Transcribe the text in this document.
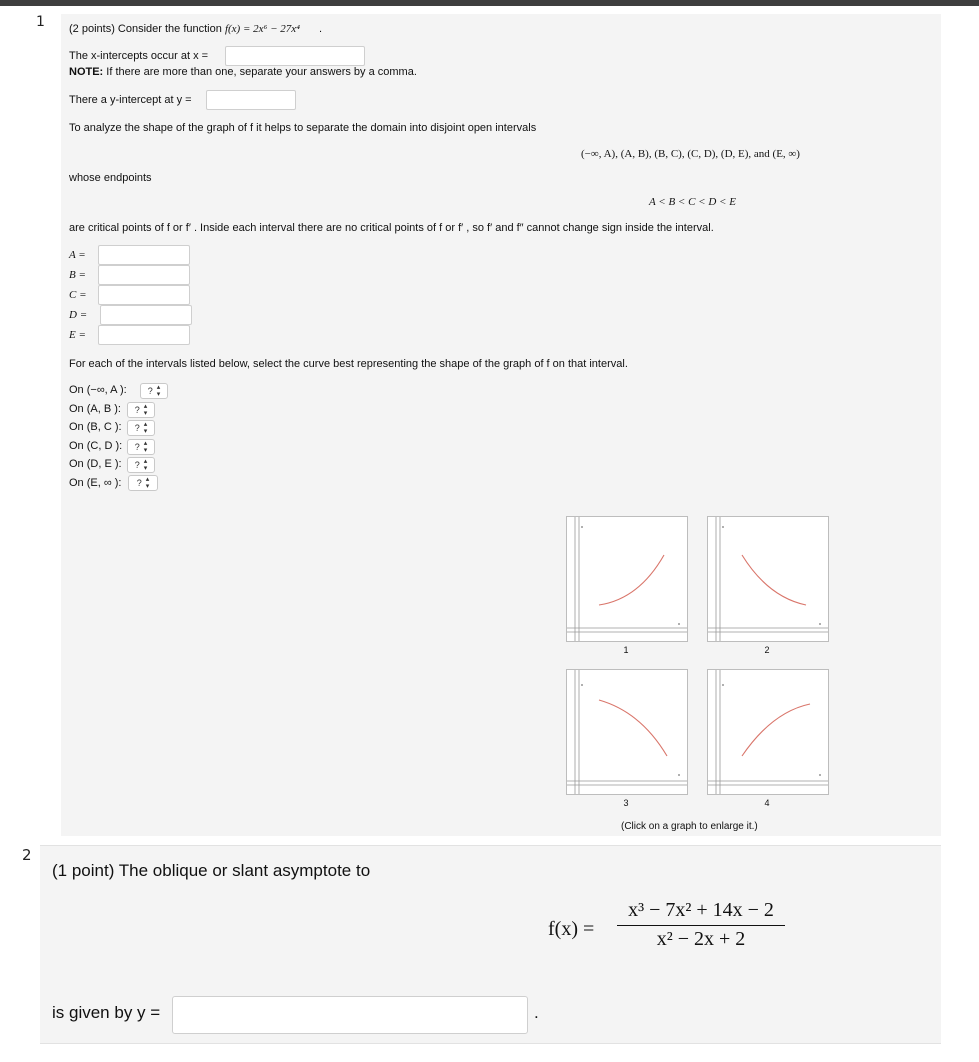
1
2
(2 points) Consider the function f(x) = 2x⁶ − 27x⁴ .
The x-intercepts occur at x =
NOTE: If there are more than one, separate your answers by a comma.
There a y-intercept at y =
To analyze the shape of the graph of f it helps to separate the domain into disjoint open intervals
(−∞, A), (A, B), (B, C), (C, D), (D, E), and (E, ∞)
whose endpoints
A < B < C < D < E
are critical points of f or f′ . Inside each interval there are no critical points of f or f′ , so f′ and f″ cannot change sign inside the interval.
A =
B =
C =
D =
E =
For each of the intervals listed below, select the curve best representing the shape of the graph of f on that interval.
On (−∞, A ): ? ▴
▾
On (A, B ): ? ▴
▾
On (B, C ): ? ▴
▾
On (C, D ): ? ▴
▾
On (D, E ): ? ▴
▾
On (E, ∞ ): ? ▴
▾
1	2
3	4
(Click on a graph to enlarge it.)
(1 point) The oblique or slant asymptote to
f(x) =
x³ − 7x² + 14x − 2
x² − 2x + 2
is given by y =	.
